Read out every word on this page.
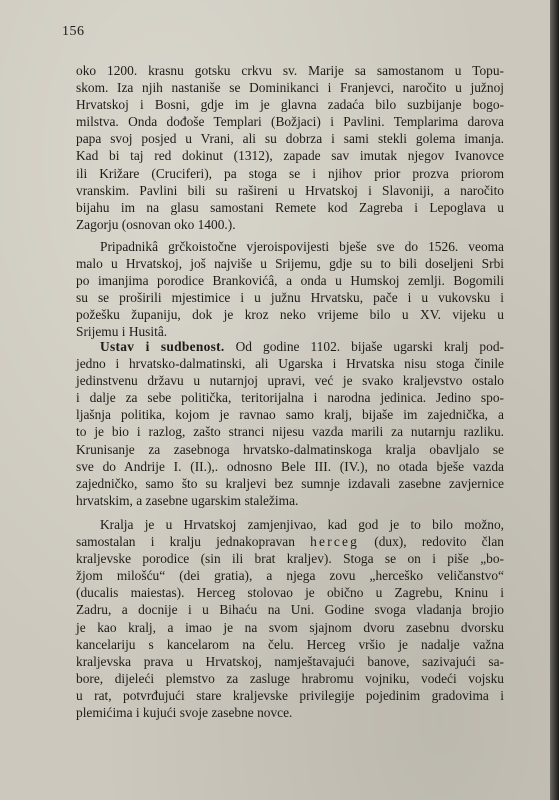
156
oko 1200. krasnu gotsku crkvu sv. Marije sa samostanom u Topu-
skom. Iza njih nastaniše se Dominikanci i Franjevci, naročito u južnoj
Hrvatskoj i Bosni, gdje im je glavna zadaća bilo suzbijanje bogo-
milstva. Onda dođoše Templari (Božjaci) i Pavlini. Templarima darova
papa svoj posjed u Vrani, ali su dobrza i sami stekli golema imanja.
Kad bi taj red dokinut (1312), zapade sav imutak njegov Ivanovce
ili Križare (Cruciferi), pa stoga se i njihov prior prozva priorom
vranskim. Pavlini bili su rašireni u Hrvatskoj i Slavoniji, a naročito
bijahu im na glasu samostani Remete kod Zagreba i Lepoglava u
Zagorju (osnovan oko 1400.).
Pripadnikâ grčkoistočne vjeroispovijesti bješe sve do 1526. veoma
malo u Hrvatskoj, još najviše u Srijemu, gdje su to bili doseljeni Srbi
po imanjima porodice Brankovićâ, a onda u Humskoj zemlji. Bogomili
su se proširili mjestimice i u južnu Hrvatsku, pače i u vukovsku i
požešku županiju, dok je kroz neko vrijeme bilo u XV. vijeku u
Srijemu i Husitâ.
Ustav i sudbenost. Od godine 1102. bijaše ugarski kralj pod-
jedno i hrvatsko-dalmatinski, ali Ugarska i Hrvatska nisu stoga činile
jedinstvenu državu u nutarnjoj upravi, već je svako kraljevstvo ostalo
i dalje za sebe politička, teritorijalna i narodna jedinica. Jedino spo-
ljašnja politika, kojom je ravnao samo kralj, bijaše im zajednička, a
to je bio i razlog, zašto stranci nijesu vazda marili za nutarnju razliku.
Krunisanje za zasebnoga hrvatsko-dalmatinskoga kralja obavljalo se
sve do Andrije I. (II.),. odnosno Bele III. (IV.), no otada bješe vazda
zajedničko, samo što su kraljevi bez sumnje izdavali zasebne zavjernice
hrvatskim, a zasebne ugarskim staležima.
Kralja je u Hrvatskoj zamjenjivao, kad god je to bilo možno,
samostalan i kralju jednakopravan herceg (dux), redovito član
kraljevske porodice (sin ili brat kraljev). Stoga se on i piše „bo-
žjom milošću“ (dei gratia), a njega zovu „herceško veličanstvo“
(ducalis maiestas). Herceg stolovao je obično u Zagrebu, Kninu i
Zadru, a docnije i u Bihaću na Uni. Godine svoga vladanja brojio
je kao kralj, a imao je na svom sjajnom dvoru zasebnu dvorsku
kancelariju s kancelarom na čelu. Herceg vršio je nadalje važna
kraljevska prava u Hrvatskoj, namještavajući banove, sazivajući sa-
bore, dijeleći plemstvo za zasluge hrabromu vojniku, vodeći vojsku
u rat, potvrđujući stare kraljevske privilegije pojedinim gradovima i
plemićima i kujući svoje zasebne novce.
